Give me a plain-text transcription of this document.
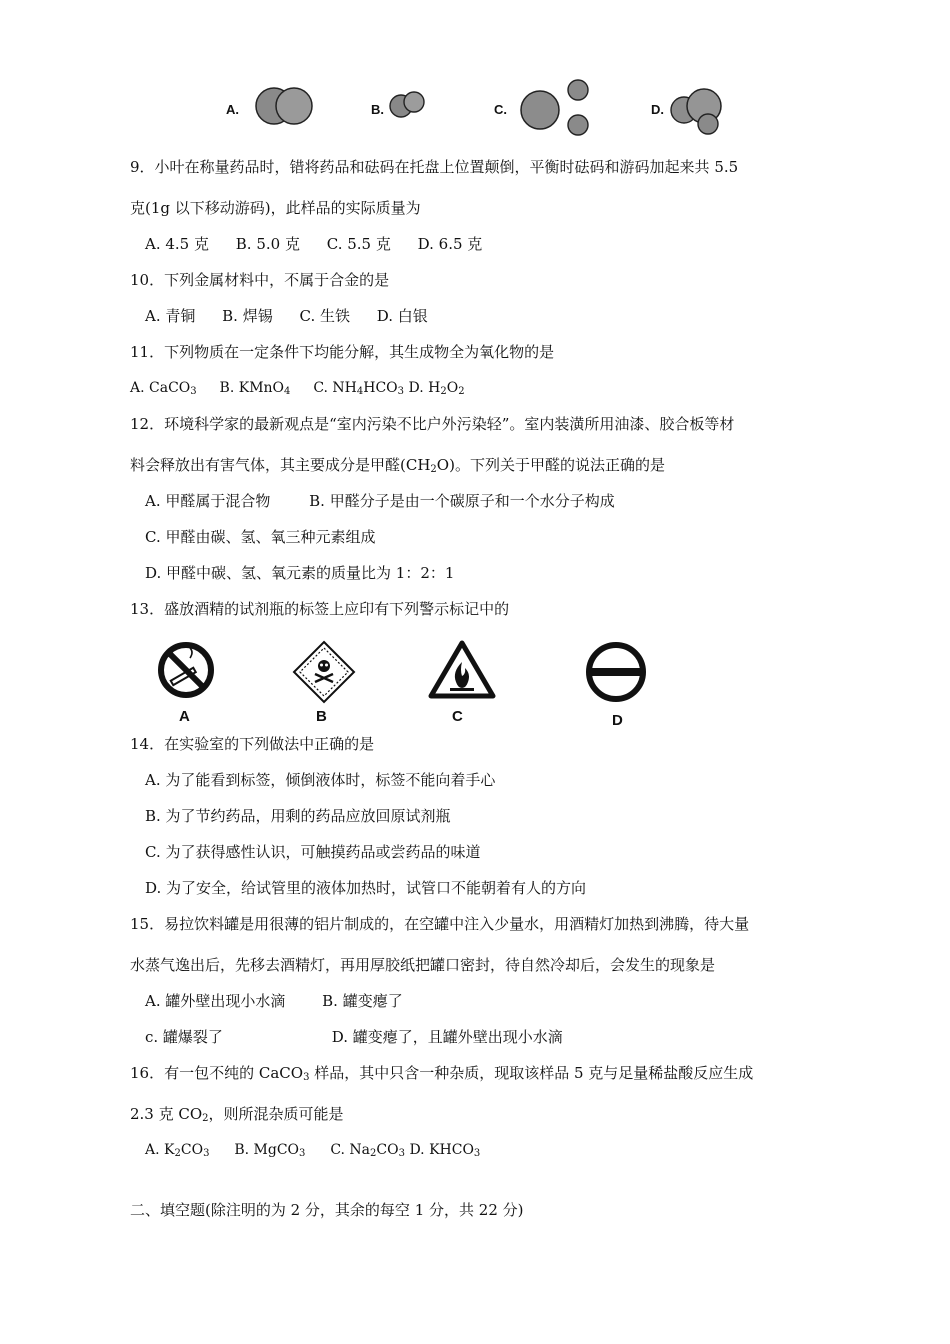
A.	B.	C.	D.
9．小叶在称量药品时，错将药品和砝码在托盘上位置颠倒，平衡时砝码和游码加起来共 5.5
克(1g 以下移动游码)，此样品的实际质量为
A. 4.5 克 B. 5.0 克 C. 5.5 克 D. 6.5 克
10．下列金属材料中，不属于合金的是
A. 青铜 B. 焊锡 C. 生铁 D. 白银
11．下列物质在一定条件下均能分解，其生成物全为氧化物的是
A. CaCO$_3$ B. KMnO$_4$ C. $NH_4HCO_3$ D. $H_2O_2$
12．环境科学家的最新观点是“室内污染不比户外污染轻”。室内装潢所用油漆、胶合板等材
料会释放出有害气体，其主要成分是甲醛$(CH_2O)$。下列关于甲醛的说法正确的是
A. 甲醛属于混合物	B. 甲醛分子是由一个碳原子和一个水分子构成
C. 甲醛由碳、氢、氧三种元素组成
D. 甲醛中碳、氢、氧元素的质量比为 1：2：1
13．盛放酒精的试剂瓶的标签上应印有下列警示标记中的
A	B	C	D
14．在实验室的下列做法中正确的是
A. 为了能看到标签，倾倒液体时，标签不能向着手心
B. 为了节约药品，用剩的药品应放回原试剂瓶
C. 为了获得感性认识，可触摸药品或尝药品的味道
D. 为了安全，给试管里的液体加热时，试管口不能朝着有人的方向
15．易拉饮料罐是用很薄的铝片制成的，在空罐中注入少量水，用酒精灯加热到沸腾，待大量
水蒸气逸出后，先移去酒精灯，再用厚胶纸把罐口密封，待自然冷却后，会发生的现象是
A. 罐外壁出现小水滴 B. 罐变瘪了
c. 罐爆裂了	D. 罐变瘪了，且罐外壁出现小水滴
16．有一包不纯的 CaCO$_3$ 样品，其中只含一种杂质，现取该样品 5 克与足量稀盐酸反应生成
2.3 克 $CO_2$，则所混杂质可能是
A. $K_2CO_3$ B. MgCO$_3$ C. $Na_2CO_3$ D. $KHCO_3$
二、填空题(除注明的为 2 分，其余的每空 1 分，共 22 分)
